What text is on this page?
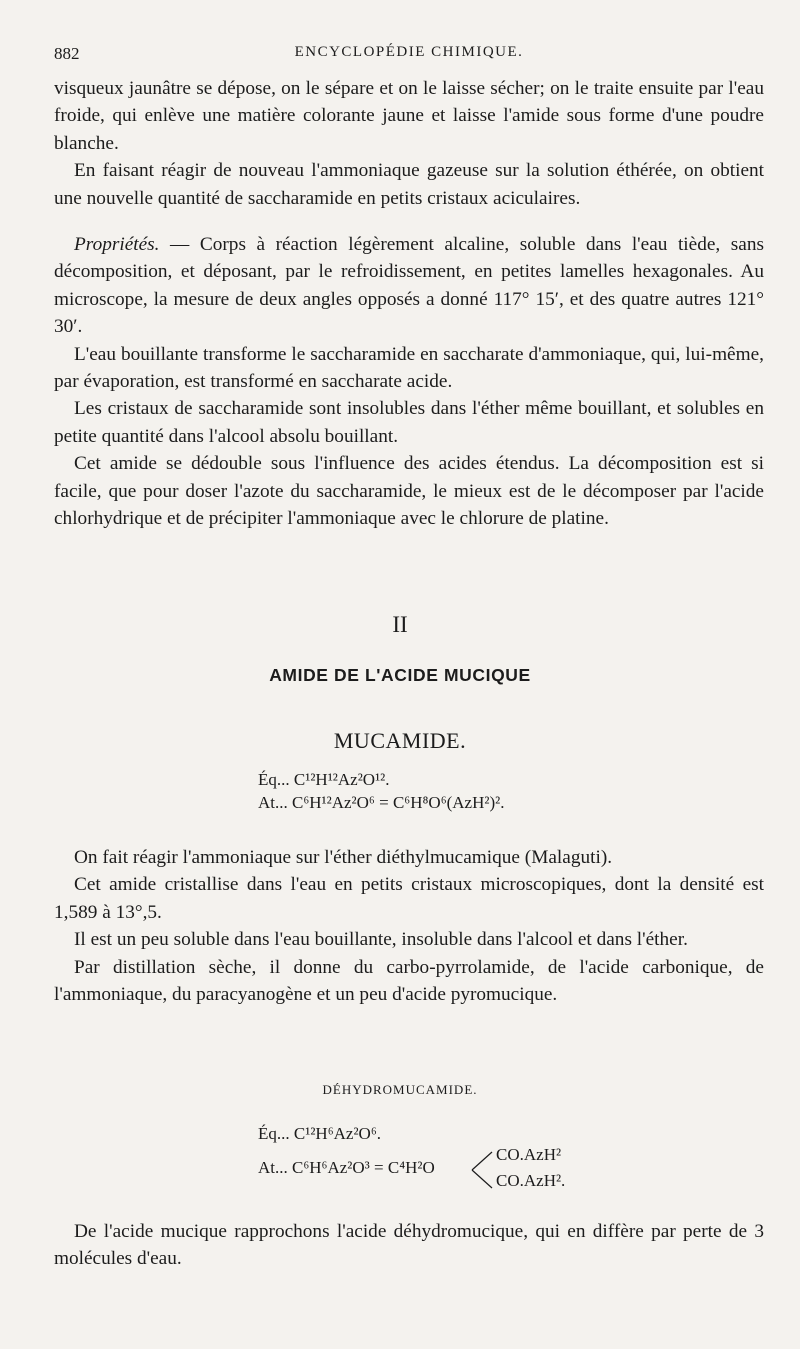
882	ENCYCLOPÉDIE CHIMIQUE.

visqueux jaunâtre se dépose, on le sépare et on le laisse sécher; on le traite ensuite par l'eau froide, qui enlève une matière colorante jaune et laisse l'amide sous forme d'une poudre blanche.

En faisant réagir de nouveau l'ammoniaque gazeuse sur la solution éthérée, on obtient une nouvelle quantité de saccharamide en petits cristaux aciculaires.

Propriétés. — Corps à réaction légèrement alcaline, soluble dans l'eau tiède, sans décomposition, et déposant, par le refroidissement, en petites lamelles hexagonales. Au microscope, la mesure de deux angles opposés a donné 117° 15′, et des quatre autres 121° 30′.

L'eau bouillante transforme le saccharamide en saccharate d'ammoniaque, qui, lui-même, par évaporation, est transformé en saccharate acide.

Les cristaux de saccharamide sont insolubles dans l'éther même bouillant, et solubles en petite quantité dans l'alcool absolu bouillant.

Cet amide se dédouble sous l'influence des acides étendus. La décomposition est si facile, que pour doser l'azote du saccharamide, le mieux est de le décomposer par l'acide chlorhydrique et de précipiter l'ammoniaque avec le chlorure de platine.

II
AMIDE DE L'ACIDE MUCIQUE
MUCAMIDE.
Éq... C¹²H¹²Az²O¹².
At... C⁶H¹²Az²O⁶ = C⁶H⁸O⁶(AzH²)².

On fait réagir l'ammoniaque sur l'éther diéthylmucamique (Malaguti).

Cet amide cristallise dans l'eau en petits cristaux microscopiques, dont la densité est 1,589 à 13°,5.

Il est un peu soluble dans l'eau bouillante, insoluble dans l'alcool et dans l'éther.

Par distillation sèche, il donne du carbo-pyrrolamide, de l'acide carbonique, de l'ammoniaque, du paracyanogène et un peu d'acide pyromucique.

DÉHYDROMUCAMIDE.
Éq... C¹²H⁶Az²O⁶.
At... C⁶H⁶Az²O³ = C⁴H²O
CO.AzH²
CO.AzH².

De l'acide mucique rapprochons l'acide déhydromucique, qui en diffère par perte de 3 molécules d'eau.
